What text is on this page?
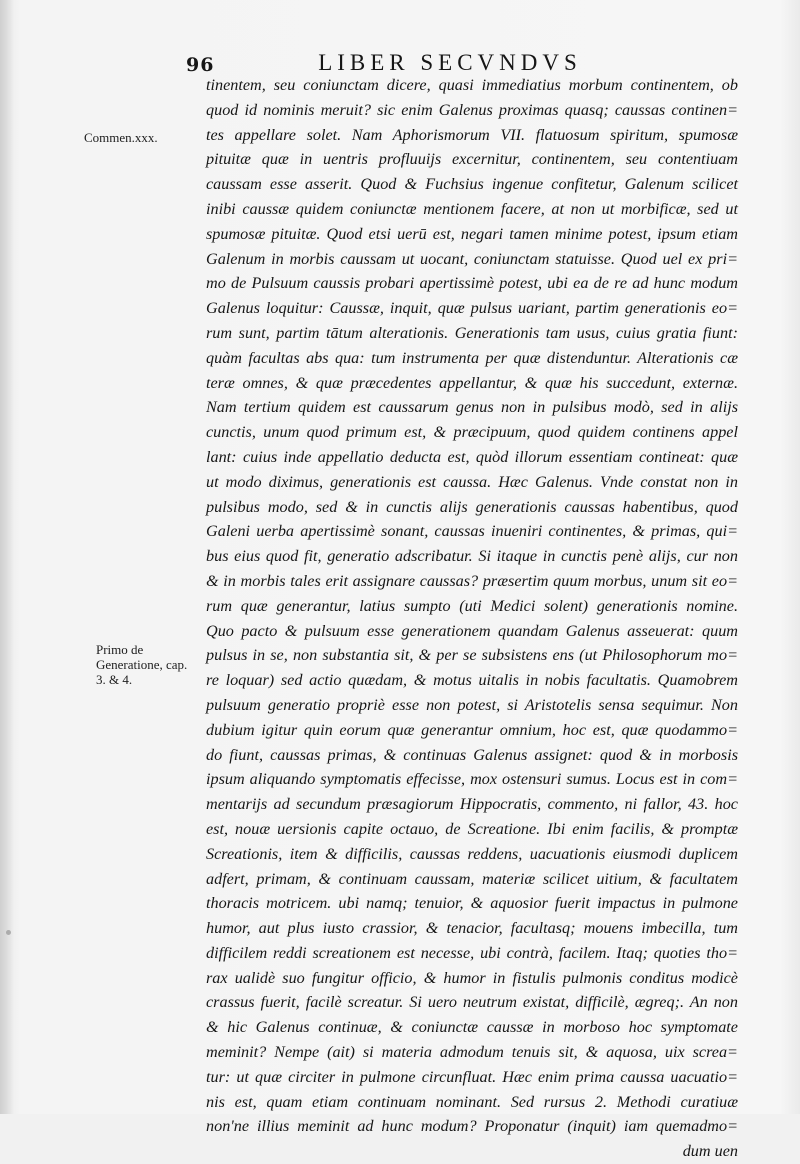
96	LIBER SECVNDVS
Commen.xxx.
Primo de Generatione, cap. 3. & 4.
tinentem, seu coniunctam dicere, quasi immediatius morbum continentem, ob
quod id nominis meruit? sic enim Galenus proximas quasq; caussas continen=
tes appellare solet. Nam Aphorismorum VII. flatuosum spiritum, spumosæ
pituitæ quæ in uentris profluuijs excernitur, continentem, seu contentiuam
caussam esse asserit. Quod & Fuchsius ingenue confitetur, Galenum scilicet
inibi caussæ quidem coniunctæ mentionem facere, at non ut morbificæ, sed ut
spumosæ pituitæ. Quod etsi uerū est, negari tamen minime potest, ipsum etiam
Galenum in morbis caussam ut uocant, coniunctam statuisse. Quod uel ex pri=
mo de Pulsuum caussis probari apertissimè potest, ubi ea de re ad hunc modum
Galenus loquitur: Caussæ, inquit, quæ pulsus uariant, partim generationis eo=
rum sunt, partim tātum alterationis. Generationis tam usus, cuius gratia fiunt:
quàm facultas abs qua: tum instrumenta per quæ distenduntur. Alterationis cæ
teræ omnes, & quæ præcedentes appellantur, & quæ his succedunt, externæ.
Nam tertium quidem est caussarum genus non in pulsibus modò, sed in alijs
cunctis, unum quod primum est, & præcipuum, quod quidem continens appel
lant: cuius inde appellatio deducta est, quòd illorum essentiam contineat: quæ
ut modo diximus, generationis est caussa. Hæc Galenus. Vnde constat non in
pulsibus modo, sed & in cunctis alijs generationis caussas habentibus, quod
Galeni uerba apertissimè sonant, caussas inueniri continentes, & primas, qui=
bus eius quod fit, generatio adscribatur. Si itaque in cunctis penè alijs, cur non
& in morbis tales erit assignare caussas? præsertim quum morbus, unum sit eo=
rum quæ generantur, latius sumpto (uti Medici solent) generationis nomine.
Quo pacto & pulsuum esse generationem quandam Galenus asseuerat: quum
pulsus in se, non substantia sit, & per se subsistens ens (ut Philosophorum mo=
re loquar) sed actio quædam, & motus uitalis in nobis facultatis. Quamobrem
pulsuum generatio propriè esse non potest, si Aristotelis sensa sequimur. Non
dubium igitur quin eorum quæ generantur omnium, hoc est, quæ quodammo=
do fiunt, caussas primas, & continuas Galenus assignet: quod & in morbosis
ipsum aliquando symptomatis effecisse, mox ostensuri sumus. Locus est in com=
mentarijs ad secundum præsagiorum Hippocratis, commento, ni fallor, 43. hoc
est, nouæ uersionis capite octauo, de Screatione. Ibi enim facilis, & promptæ
Screationis, item & difficilis, caussas reddens, uacuationis eiusmodi duplicem
adfert, primam, & continuam caussam, materiæ scilicet uitium, & facultatem
thoracis motricem. ubi namq; tenuior, & aquosior fuerit impactus in pulmone
humor, aut plus iusto crassior, & tenacior, facultasq; mouens imbecilla, tum
difficilem reddi screationem est necesse, ubi contrà, facilem. Itaq; quoties tho=
rax ualidè suo fungitur officio, & humor in fistulis pulmonis conditus modicè
crassus fuerit, facilè screatur. Si uero neutrum existat, difficilè, ægreq;. An non
& hic Galenus continuæ, & coniunctæ caussæ in morboso hoc symptomate
meminit? Nempe (ait) si materia admodum tenuis sit, & aquosa, uix screa=
tur: ut quæ circiter in pulmone circunfluat. Hæc enim prima caussa uacuatio=
nis est, quam etiam continuam nominant. Sed rursus 2. Methodi curatiuæ
non'ne illius meminit ad hunc modum? Proponatur (inquit) iam quemadmo=
dum uen
